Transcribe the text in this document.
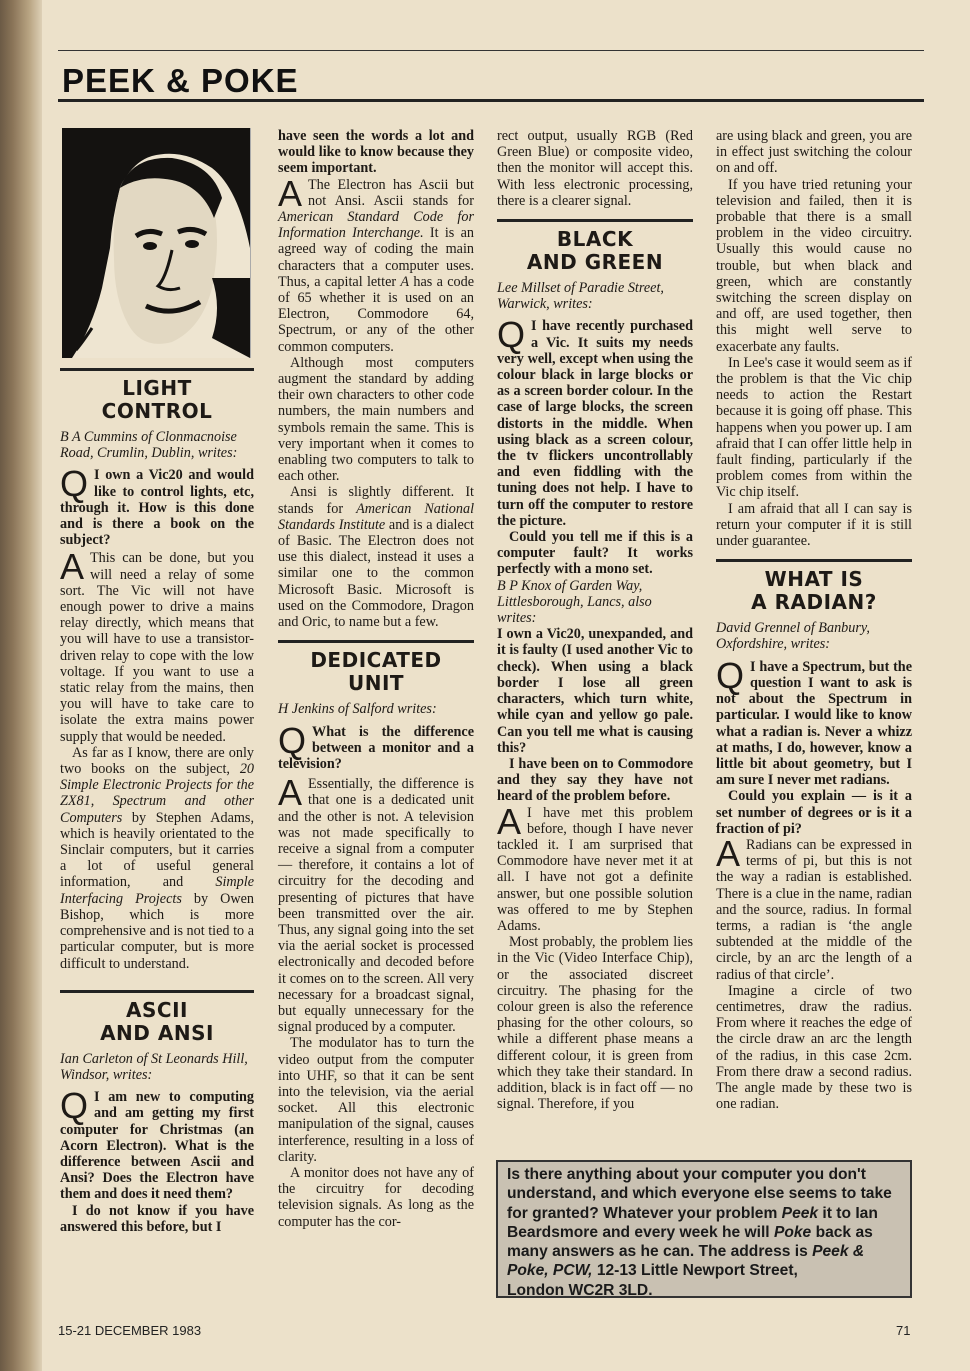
PEEK & POKE
LIGHT
CONTROL
B A Cummins of Clonmacnoise Road, Crumlin, Dublin, writes:

Q I own a Vic20 and would like to control lights, etc, through it. How is this done and is there a book on the subject?

A This can be done, but you will need a relay of some sort. The Vic will not have enough power to drive a mains relay directly, which means that you will have to use a transistor-driven relay to cope with the low voltage. If you want to use a static relay from the mains, then you will have to take care to isolate the extra mains power supply that would be needed.

As far as I know, there are only two books on the subject, 20 Simple Electronic Projects for the ZX81, Spectrum and other Computers by Stephen Adams, which is heavily orientated to the Sinclair computers, but it carries a lot of useful general information, and Simple Interfacing Projects by Owen Bishop, which is more comprehensive and is not tied to a particular computer, but is more difficult to understand.

ASCII
AND ANSI
Ian Carleton of St Leonards Hill, Windsor, writes:

Q I am new to computing and am getting my first computer for Christmas (an Acorn Electron). What is the difference between Ascii and Ansi? Does the Electron have them and does it need them?

I do not know if you have answered this before, but I

have seen the words a lot and would like to know because they seem important.

A The Electron has Ascii but not Ansi. Ascii stands for American Standard Code for Information Interchange. It is an agreed way of coding the main characters that a computer uses. Thus, a capital letter A has a code of 65 whether it is used on an Electron, Commodore 64, Spectrum, or any of the other common computers.

Although most computers augment the standard by adding their own characters to other code numbers, the main numbers and symbols remain the same. This is very important when it comes to enabling two computers to talk to each other.

Ansi is slightly different. It stands for American National Standards Institute and is a dialect of Basic. The Electron does not use this dialect, instead it uses a similar one to the common Microsoft Basic. Microsoft is used on the Commodore, Dragon and Oric, to name but a few.

DEDICATED
UNIT
H Jenkins of Salford writes:

Q What is the difference between a monitor and a television?

A Essentially, the difference is that one is a dedicated unit and the other is not. A television was not made specifically to receive a signal from a computer — therefore, it contains a lot of circuitry for the decoding and presenting of pictures that have been transmitted over the air. Thus, any signal going into the set via the aerial socket is processed electronically and decoded before it comes on to the screen. All very necessary for a broadcast signal, but equally unnecessary for the signal produced by a computer.

The modulator has to turn the video output from the computer into UHF, so that it can be sent into the television, via the aerial socket. All this electronic manipulation of the signal, causes interference, resulting in a loss of clarity.

A monitor does not have any of the circuitry for decoding television signals. As long as the computer has the cor-

rect output, usually RGB (Red Green Blue) or composite video, then the monitor will accept this. With less electronic processing, there is a clearer signal.

BLACK
AND GREEN
Lee Millset of Paradie Street, Warwick, writes:

Q I have recently purchased a Vic. It suits my needs very well, except when using the colour black in large blocks or as a screen border colour. In the case of large blocks, the screen distorts in the middle. When using black as a screen colour, the tv flickers uncontrollably and even fiddling with the tuning does not help. I have to turn off the computer to restore the picture.

Could you tell me if this is a computer fault? It works perfectly with a mono set.

B P Knox of Garden Way, Littlesborough, Lancs, also writes:

I own a Vic20, unexpanded, and it is faulty (I used another Vic to check). When using a black border I lose all green characters, which turn white, while cyan and yellow go pale. Can you tell me what is causing this?

I have been on to Commodore and they say they have not heard of the problem before.

A I have met this problem before, though I have never tackled it. I am surprised that Commodore have never met it at all. I have not got a definite answer, but one possible solution was offered to me by Stephen Adams.

Most probably, the problem lies in the Vic (Video Interface Chip), or the associated discreet circuitry. The phasing for the colour green is also the reference phasing for the other colours, so while a different phase means a different colour, it is green from which they take their standard. In addition, black is in fact off — no signal. Therefore, if you

are using black and green, you are in effect just switching the colour on and off.

If you have tried retuning your television and failed, then it is probable that there is a small problem in the video circuitry. Usually this would cause no trouble, but when black and green, which are constantly switching the screen display on and off, are used together, then this might well serve to exacerbate any faults.

In Lee's case it would seem as if the problem is that the Vic chip needs to action the Restart because it is going off phase. This happens when you power up. I am afraid that I can offer little help in fault finding, particularly if the problem comes from within the Vic chip itself.

I am afraid that all I can say is return your computer if it is still under guarantee.

WHAT IS
A RADIAN?
David Grennel of Banbury, Oxfordshire, writes:

Q I have a Spectrum, but the question I want to ask is not about the Spectrum in particular. I would like to know what a radian is. Never a whizz at maths, I do, however, know a little bit about geometry, but I am sure I never met radians.

Could you explain — is it a set number of degrees or is it a fraction of pi?

A Radians can be expressed in terms of pi, but this is not the way a radian is established. There is a clue in the name, radian and the source, radius. In formal terms, a radian is ‘the angle subtended at the middle of the circle, by an arc the length of a radius of that circle’.

Imagine a circle of two centimetres, draw the radius. From where it reaches the edge of the circle draw an arc the length of the radius, in this case 2cm. From there draw a second radius. The angle made by these two is one radian.

Is there anything about your computer you don't
understand, and which everyone else seems to take
for granted? Whatever your problem Peek it to Ian
Beardsmore and every week he will Poke back as
many answers as he can. The address is Peek &
Poke, PCW, 12-13 Little Newport Street,
London WC2R 3LD.
15-21 DECEMBER 1983	71
